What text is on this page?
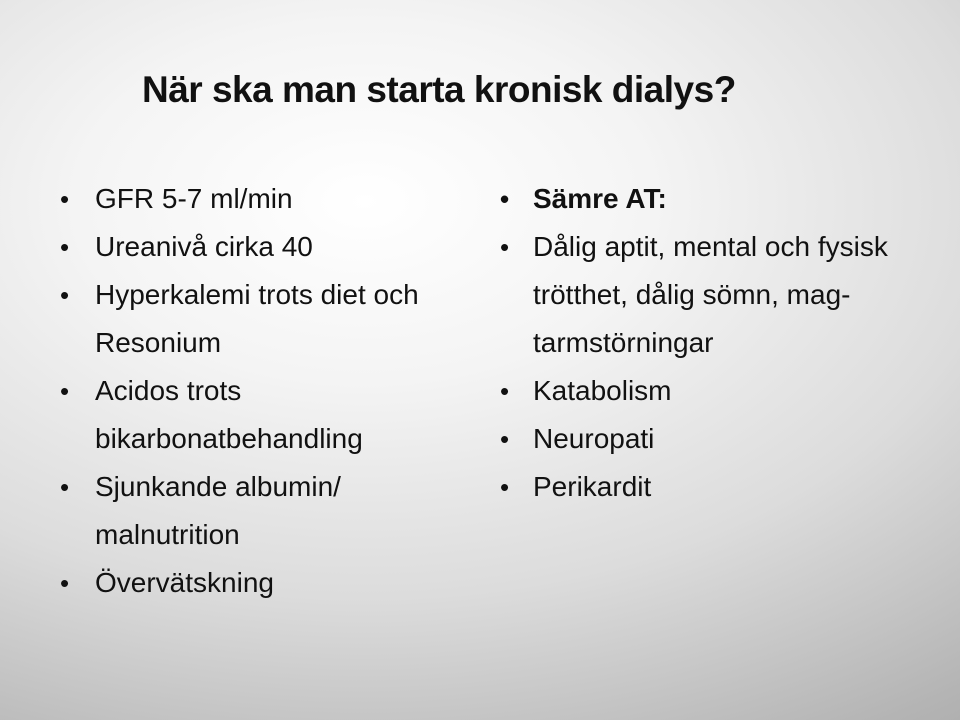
När ska man starta kronisk dialys?
• GFR 5-7 ml/min
• Ureanivå cirka 40
• Hyperkalemi trots diet och Resonium
• Acidos trots bikarbonatbehandling
• Sjunkande albumin/ malnutrition
• Övervätskning
• Sämre AT:
• Dålig aptit, mental och fysisk trötthet, dålig sömn, mag-tarmstörningar
• Katabolism
• Neuropati
• Perikardit
